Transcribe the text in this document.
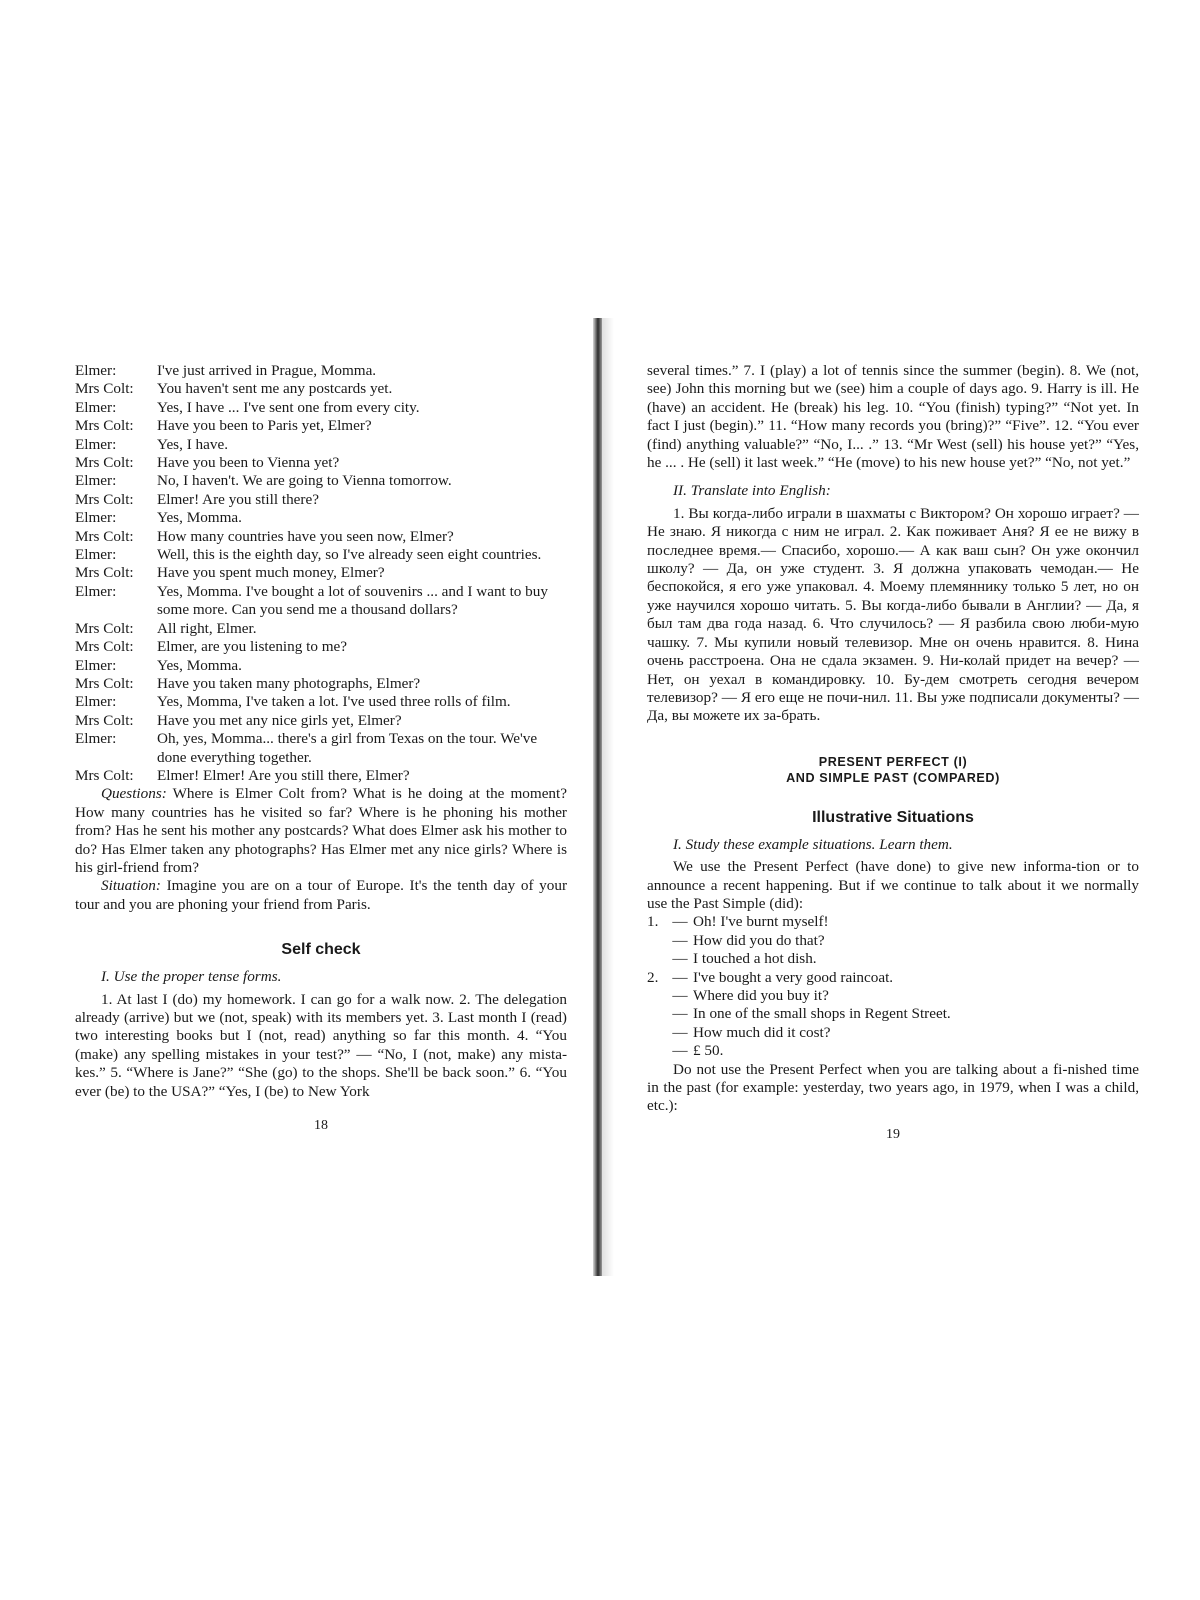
Elmer:	I've just arrived in Prague, Momma.
Mrs Colt:	You haven't sent me any postcards yet.
Elmer:	Yes, I have ... I've sent one from every city.
Mrs Colt:	Have you been to Paris yet, Elmer?
Elmer:	Yes, I have.
Mrs Colt:	Have you been to Vienna yet?
Elmer:	No, I haven't. We are going to Vienna tomorrow.
Mrs Colt:	Elmer! Are you still there?
Elmer:	Yes, Momma.
Mrs Colt:	How many countries have you seen now, Elmer?
Elmer:	Well, this is the eighth day, so I've already seen eight countries.
Mrs Colt:	Have you spent much money, Elmer?
Elmer:	Yes, Momma. I've bought a lot of souvenirs ... and I want to buy some more. Can you send me a thousand dollars?
Mrs Colt:	All right, Elmer.
Mrs Colt:	Elmer, are you listening to me?
Elmer:	Yes, Momma.
Mrs Colt:	Have you taken many photographs, Elmer?
Elmer:	Yes, Momma, I've taken a lot. I've used three rolls of film.
Mrs Colt:	Have you met any nice girls yet, Elmer?
Elmer:	Oh, yes, Momma... there's a girl from Texas on the tour. We've done everything together.
Mrs Colt:	Elmer! Elmer! Are you still there, Elmer?

Questions: Where is Elmer Colt from? What is he doing at the moment? How many countries has he visited so far? Where is he phoning his mother from? Has he sent his mother any postcards? What does Elmer ask his mother to do? Has Elmer taken any photographs? Has Elmer met any nice girls? Where is his girl-friend from?

Situation: Imagine you are on a tour of Europe. It's the tenth day of your tour and you are phoning your friend from Paris.

Self check
I. Use the proper tense forms.

1. At last I (do) my homework. I can go for a walk now. 2. The delegation already (arrive) but we (not, speak) with its members yet. 3. Last month I (read) two interesting books but I (not, read) anything so far this month. 4. “You (make) any spelling mistakes in your test?” — “No, I (not, make) any mista-kes.” 5. “Where is Jane?” “She (go) to the shops. She'll be back soon.” 6. “You ever (be) to the USA?” “Yes, I (be) to New York

18

several times.” 7. I (play) a lot of tennis since the summer (begin). 8. We (not, see) John this morning but we (see) him a couple of days ago. 9. Harry is ill. He (have) an accident. He (break) his leg. 10. “You (finish) typing?” “Not yet. In fact I just (begin).” 11. “How many records you (bring)?” “Five”. 12. “You ever (find) anything valuable?” “No, I... .” 13. “Mr West (sell) his house yet?” “Yes, he ... . He (sell) it last week.” “He (move) to his new house yet?” “No, not yet.”

II. Translate into English:

1. Вы когда-либо играли в шахматы с Виктором? Он хорошо играет? — Не знаю. Я никогда с ним не играл. 2. Как поживает Аня? Я ее не вижу в последнее время.— Спасибо, хорошо.— А как ваш сын? Он уже окончил школу? — Да, он уже студент. 3. Я должна упаковать чемодан.— Не беспокойся, я его уже упаковал. 4. Моему племяннику только 5 лет, но он уже научился хорошо читать. 5. Вы когда-либо бывали в Англии? — Да, я был там два года назад. 6. Что случилось? — Я разбила свою люби-мую чашку. 7. Мы купили новый телевизор. Мне он очень нравится. 8. Нина очень расстроена. Она не сдала экзамен. 9. Ни-колай придет на вечер? — Нет, он уехал в командировку. 10. Бу-дем смотреть сегодня вечером телевизор? — Я его еще не почи-нил. 11. Вы уже подписали документы? — Да, вы можете их за-брать.

PRESENT PERFECT (I)
AND SIMPLE PAST (COMPARED)
Illustrative Situations
I. Study these example situations. Learn them.

We use the Present Perfect (have done) to give new informa-tion or to announce a recent happening. But if we continue to talk about it we normally use the Past Simple (did):

1. — Oh! I've burnt myself!
— How did you do that?
— I touched a hot dish.
2. — I've bought a very good raincoat.
— Where did you buy it?
— In one of the small shops in Regent Street.
— How much did it cost?
— £ 50.

Do not use the Present Perfect when you are talking about a fi-nished time in the past (for example: yesterday, two years ago, in 1979, when I was a child, etc.):

19
